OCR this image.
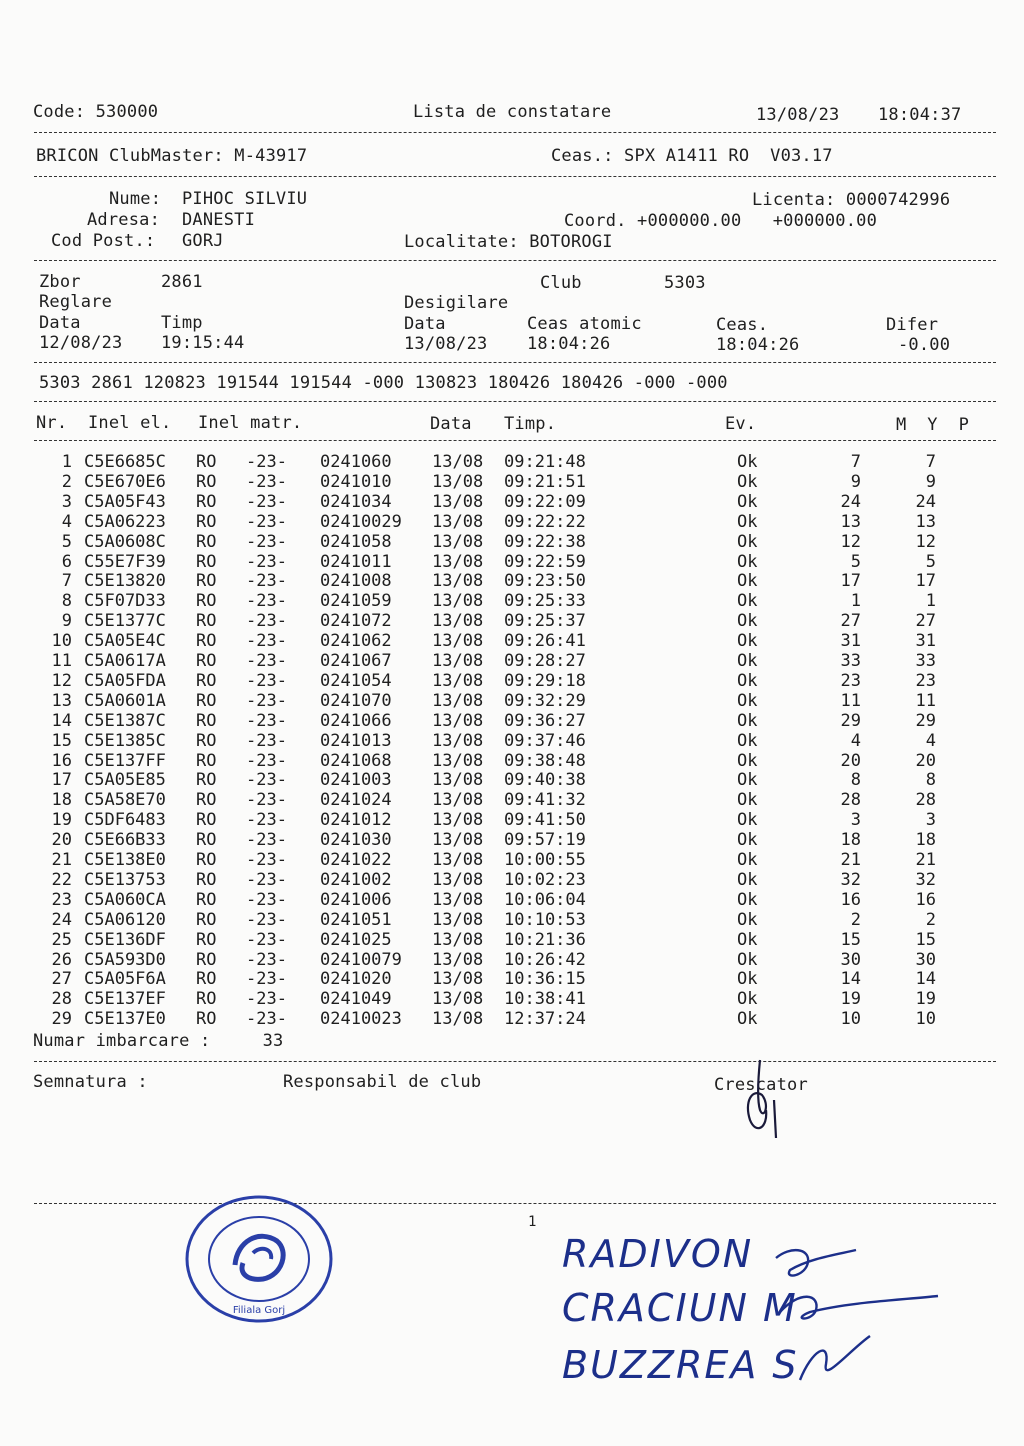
Code: 530000	Lista de constatare	13/08/23 18:04:37
BRICON ClubMaster: M-43917	Ceas.: SPX A1411 RO  V03.17
Nume: PIHOC SILVIU	Licenta: 0000742996
Adresa: DANESTI	Coord. +000000.00   +000000.00
Cod Post.: GORJ	Localitate: BOTOROGI
Zbor	2861	Club	5303
Reglare	Desigilare
Data	Timp	Data	Ceas atomic	Ceas.	Difer
12/08/23 19:15:44	13/08/23 18:04:26	18:04:26	-0.00
5303 2861 120823 191544 191544 -000 130823 180426 180426 -000 -000
Nr. Inel el. Inel matr.	Data Timp.	Ev.	M  Y  P
1 C5E6685C RO -23- 0241060 13/08 09:21:48	Ok	7	7
2 C5E670E6 RO -23- 0241010 13/08 09:21:51	Ok	9	9
3 C5A05F43 RO -23- 0241034 13/08 09:22:09	Ok	24	24
4 C5A06223 RO -23- 02410029 13/08 09:22:22	Ok	13	13
5 C5A0608C RO -23- 0241058 13/08 09:22:38	Ok	12	12
6 C55E7F39 RO -23- 0241011 13/08 09:22:59	Ok	5	5
7 C5E13820 RO -23- 0241008 13/08 09:23:50	Ok	17	17
8 C5F07D33 RO -23- 0241059 13/08 09:25:33	Ok	1	1
9 C5E1377C RO -23- 0241072 13/08 09:25:37	Ok	27	27
10 C5A05E4C RO -23- 0241062 13/08 09:26:41	Ok	31	31
11 C5A0617A RO -23- 0241067 13/08 09:28:27	Ok	33	33
12 C5A05FDA RO -23- 0241054 13/08 09:29:18	Ok	23	23
13 C5A0601A RO -23- 0241070 13/08 09:32:29	Ok	11	11
14 C5E1387C RO -23- 0241066 13/08 09:36:27	Ok	29	29
15 C5E1385C RO -23- 0241013 13/08 09:37:46	Ok	4	4
16 C5E137FF RO -23- 0241068 13/08 09:38:48	Ok	20	20
17 C5A05E85 RO -23- 0241003 13/08 09:40:38	Ok	8	8
18 C5A58E70 RO -23- 0241024 13/08 09:41:32	Ok	28	28
19 C5DF6483 RO -23- 0241012 13/08 09:41:50	Ok	3	3
20 C5E66B33 RO -23- 0241030 13/08 09:57:19	Ok	18	18
21 C5E138E0 RO -23- 0241022 13/08 10:00:55	Ok	21	21
22 C5E13753 RO -23- 0241002 13/08 10:02:23	Ok	32	32
23 C5A060CA RO -23- 0241006 13/08 10:06:04	Ok	16	16
24 C5A06120 RO -23- 0241051 13/08 10:10:53	Ok	2	2
25 C5E136DF RO -23- 0241025 13/08 10:21:36	Ok	15	15
26 C5A593D0 RO -23- 02410079 13/08 10:26:42	Ok	30	30
27 C5A05F6A RO -23- 0241020 13/08 10:36:15	Ok	14	14
28 C5E137EF RO -23- 0241049 13/08 10:38:41	Ok	19	19
29 C5E137E0 RO -23- 02410023 13/08 12:37:24	Ok	10	10
Numar imbarcare :     33
Semnatura :	Responsabil de club	Crescator
1
Filiala Gorj
RADIVON
CRACIUN M
BUZZREA S
